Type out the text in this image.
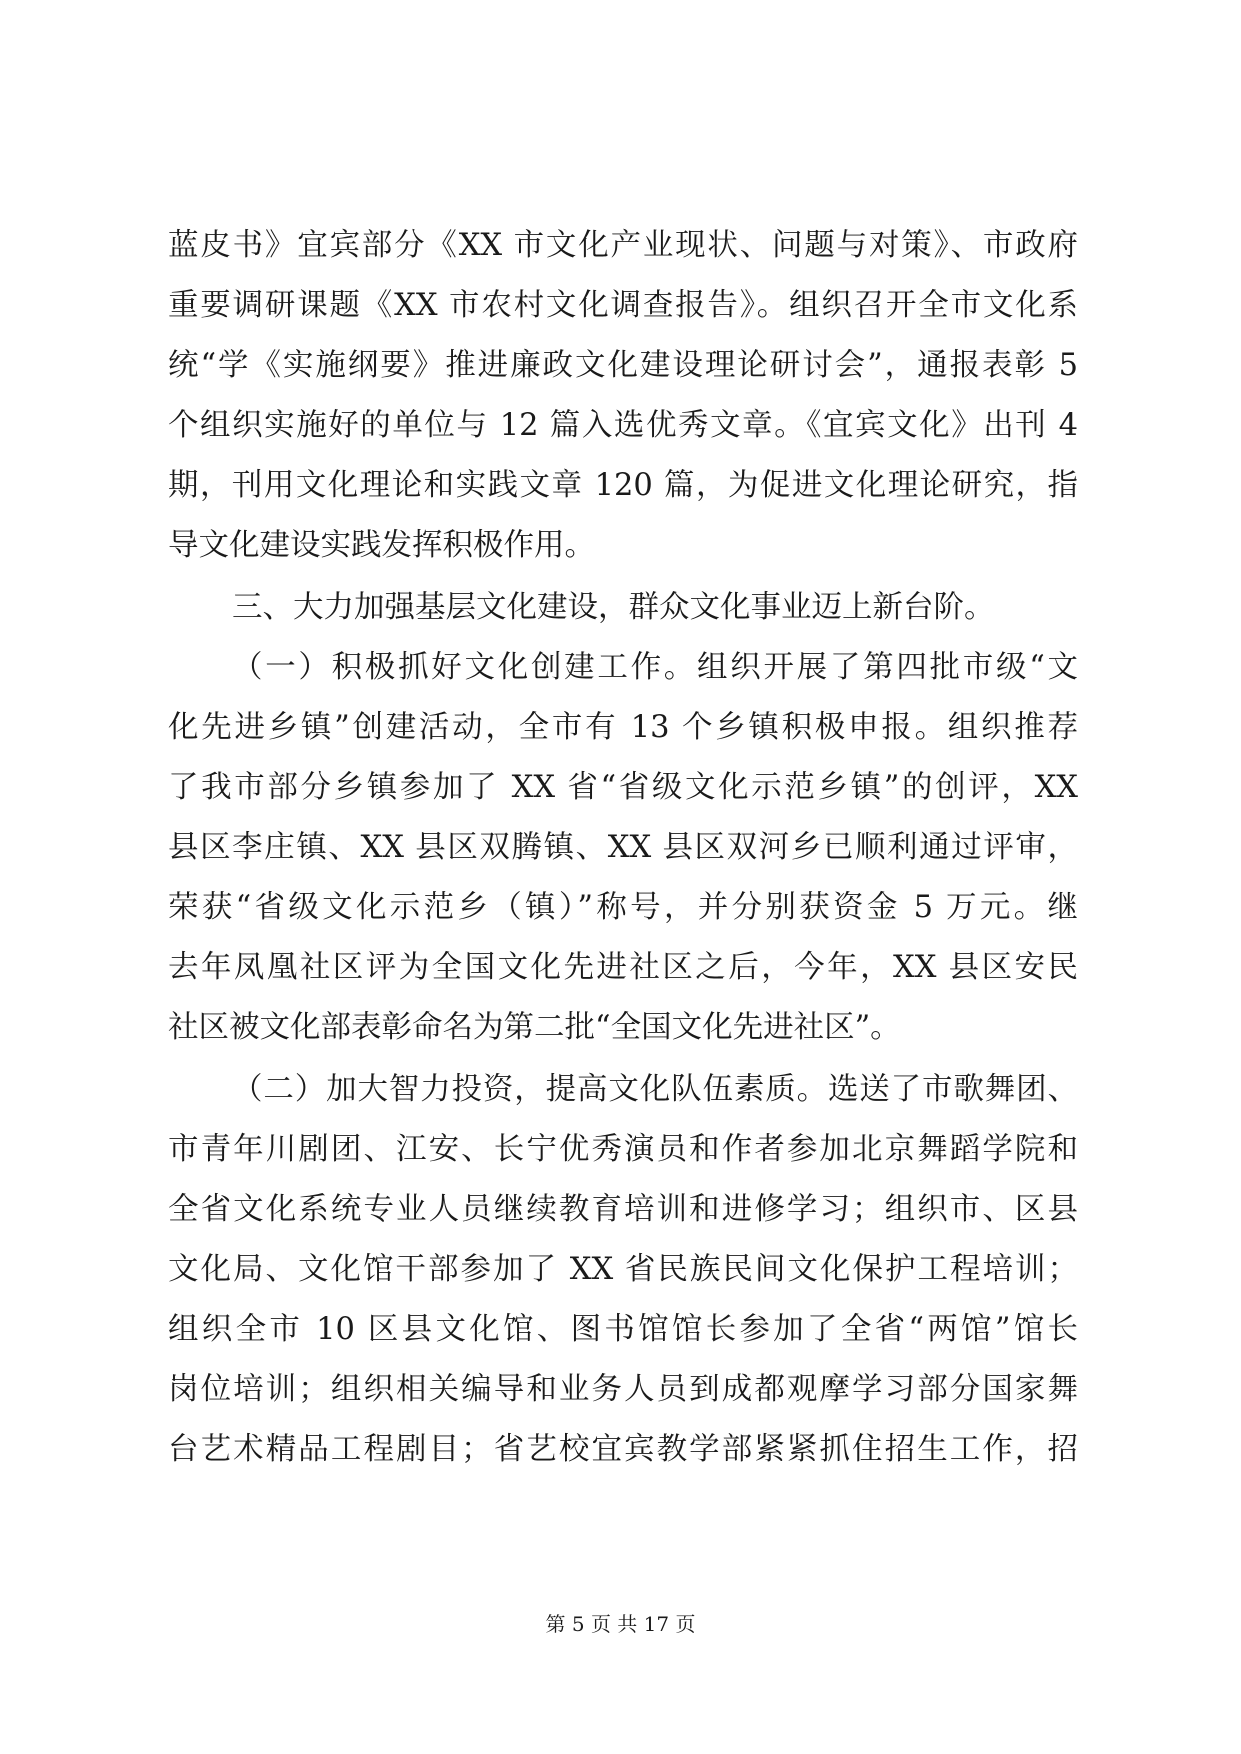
蓝皮书》宜宾部分《XX 市文化产业现状、问题与对策》、市政府
重要调研课题《XX 市农村文化调查报告》。组织召开全市文化系
统“学《实施纲要》推进廉政文化建设理论研讨会”，通报表彰 5
个组织实施好的单位与 12 篇入选优秀文章。《宜宾文化》出刊 4
期，刊用文化理论和实践文章 120 篇，为促进文化理论研究，指
导文化建设实践发挥积极作用。
三、大力加强基层文化建设，群众文化事业迈上新台阶。
（一）积极抓好文化创建工作。组织开展了第四批市级“文
化先进乡镇”创建活动，全市有 13 个乡镇积极申报。组织推荐
了我市部分乡镇参加了 XX 省“省级文化示范乡镇”的创评，XX
县区李庄镇、XX 县区双腾镇、XX 县区双河乡已顺利通过评审，
荣获“省级文化示范乡（镇）”称号，并分别获资金 5 万元。继
去年凤凰社区评为全国文化先进社区之后，今年，XX 县区安民
社区被文化部表彰命名为第二批“全国文化先进社区”。
（二）加大智力投资，提高文化队伍素质。选送了市歌舞团、
市青年川剧团、江安、长宁优秀演员和作者参加北京舞蹈学院和
全省文化系统专业人员继续教育培训和进修学习；组织市、区县
文化局、文化馆干部参加了 XX 省民族民间文化保护工程培训；
组织全市 10 区县文化馆、图书馆馆长参加了全省“两馆”馆长
岗位培训；组织相关编导和业务人员到成都观摩学习部分国家舞
台艺术精品工程剧目；省艺校宜宾教学部紧紧抓住招生工作，招
第 5 页 共 17 页
